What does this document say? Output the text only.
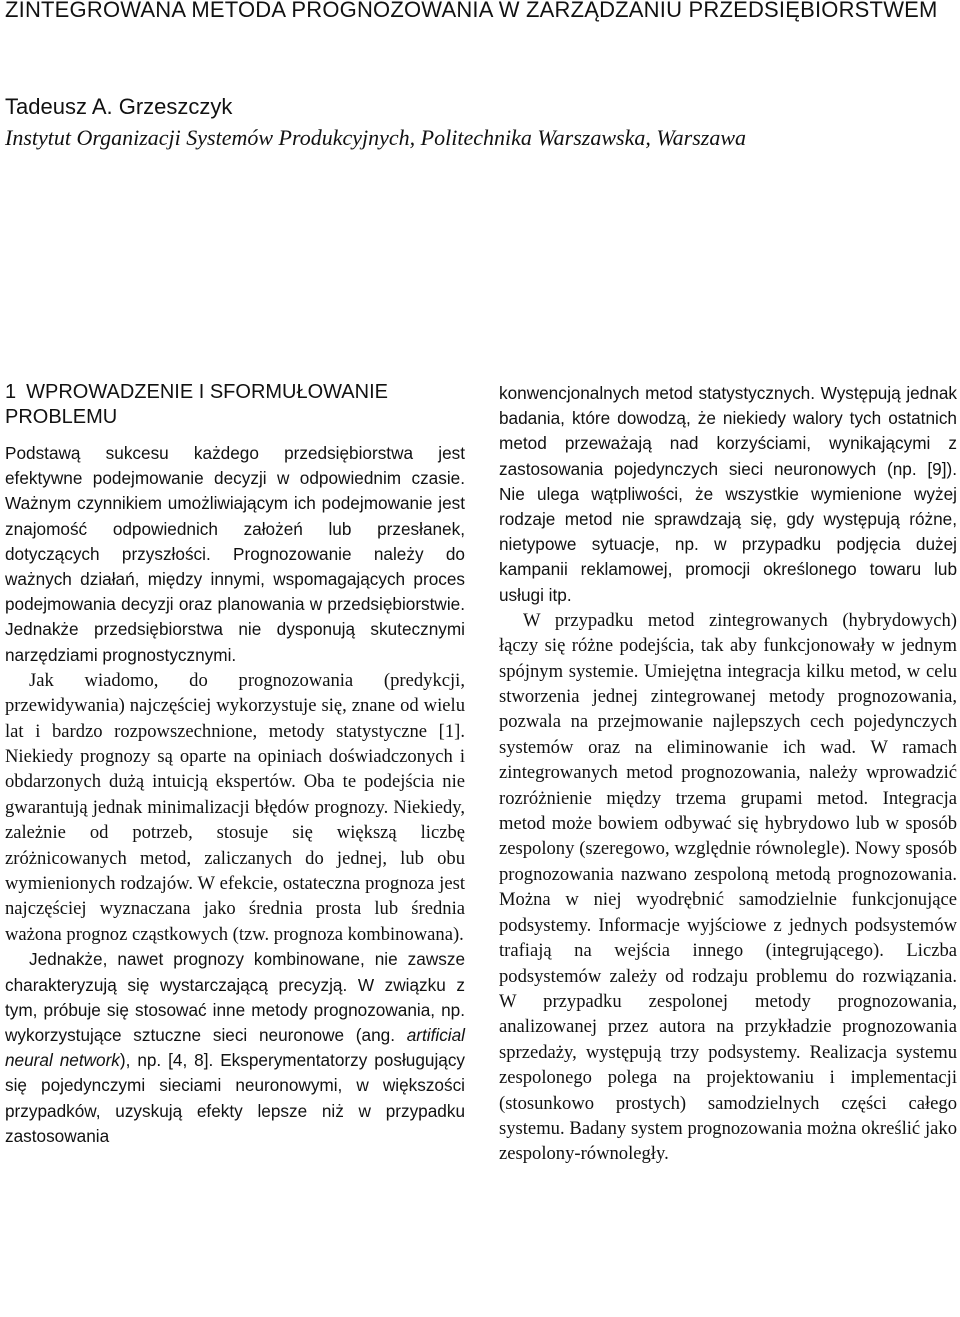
ZINTEGROWANA METODA PROGNOZOWANIA W ZARZĄDZANIU PRZEDSIĘBIORSTWEM
Tadeusz A. Grzeszczyk
Instytut Organizacji Systemów Produkcyjnych, Politechnika Warszawska, Warszawa
1 WPROWADZENIE I SFORMUŁOWANIE PROBLEMU

Podstawą sukcesu każdego przedsiębiorstwa jest efektywne podejmowanie decyzji w odpowiednim czasie. Ważnym czynnikiem umożliwiającym ich podejmowanie jest znajomość odpowiednich założeń lub przesłanek, dotyczących przyszłości. Prognozowanie należy do ważnych działań, między innymi, wspomagających proces podejmowania decyzji oraz planowania w przedsiębiorstwie. Jednakże przedsiębiorstwa nie dysponują skutecznymi narzędziami prognostycznymi.

Jak wiadomo, do prognozowania (predykcji, przewidywania) najczęściej wykorzystuje się, znane od wielu lat i bardzo rozpowszechnione, metody statystyczne [1]. Niekiedy prognozy są oparte na opiniach doświadczonych i obdarzonych dużą intuicją ekspertów. Oba te podejścia nie gwarantują jednak minimalizacji błędów prognozy. Niekiedy, zależnie od potrzeb, stosuje się większą liczbę zróżnicowanych metod, zaliczanych do jednej, lub obu wymienionych rodzajów. W efekcie, ostateczna prognoza jest najczęściej wyznaczana jako średnia prosta lub średnia ważona prognoz cząstkowych (tzw. prognoza kombinowana).

Jednakże, nawet prognozy kombinowane, nie zawsze charakteryzują się wystarczającą precyzją. W związku z tym, próbuje się stosować inne metody prognozowania, np. wykorzystujące sztuczne sieci neuronowe (ang. artificial neural network), np. [4, 8]. Eksperymentatorzy posługujący się pojedynczymi sieciami neuronowymi, w większości przypadków, uzyskują efekty lepsze niż w przypadku zastosowania

konwencjonalnych metod statystycznych. Występują jednak badania, które dowodzą, że niekiedy walory tych ostatnich metod przeważają nad korzyściami, wynikającymi z zastosowania pojedynczych sieci neuronowych (np. [9]). Nie ulega wątpliwości, że wszystkie wymienione wyżej rodzaje metod nie sprawdzają się, gdy występują różne, nietypowe sytuacje, np. w przypadku podjęcia dużej kampanii reklamowej, promocji określonego towaru lub usługi itp.

W przypadku metod zintegrowanych (hybrydowych) łączy się różne podejścia, tak aby funkcjonowały w jednym spójnym systemie. Umiejętna integracja kilku metod, w celu stworzenia jednej zintegrowanej metody prognozowania, pozwala na przejmowanie najlepszych cech pojedynczych systemów oraz na eliminowanie ich wad. W ramach zintegrowanych metod prognozowania, należy wprowadzić rozróżnienie między trzema grupami metod. Integracja metod może bowiem odbywać się hybrydowo lub w sposób zespolony (szeregowo, względnie równolegle). Nowy sposób prognozowania nazwano zespoloną metodą prognozowania. Można w niej wyodrębnić samodzielnie funkcjonujące podsystemy. Informacje wyjściowe z jednych podsystemów trafiają na wejścia innego (integrującego). Liczba podsystemów zależy od rodzaju problemu do rozwiązania. W przypadku zespolonej metody prognozowania, analizowanej przez autora na przykładzie prognozowania sprzedaży, występują trzy podsystemy. Realizacja systemu zespolonego polega na projektowaniu i implementacji (stosunkowo prostych) samodzielnych części całego systemu. Badany system prognozowania można określić jako zespolony-równoległy.
